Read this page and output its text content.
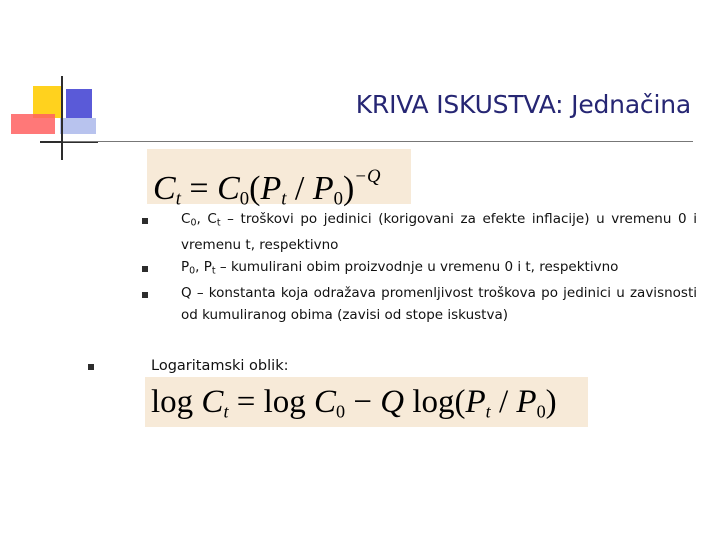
KRIVA ISKUSTVA: Jednačina
$C_t = C_0(P_t / P_0)^{-Q}$
$C_0$, $C_t$ – troškovi po jedinici (korigovani za efekte inflacije) u vremenu 0 i vremenu t, respektivno
$P_0$, $P_t$ – kumulirani obim proizvodnje u vremenu 0 i t, respektivno
Q – konstanta koja odražava promenljivost troškova po jedinici u zavisnosti od kumuliranog obima (zavisi od stope iskustva)
Logaritamski oblik:
$\log C_t = \log C_0 - Q$ $\log(P_t / P_0)$
